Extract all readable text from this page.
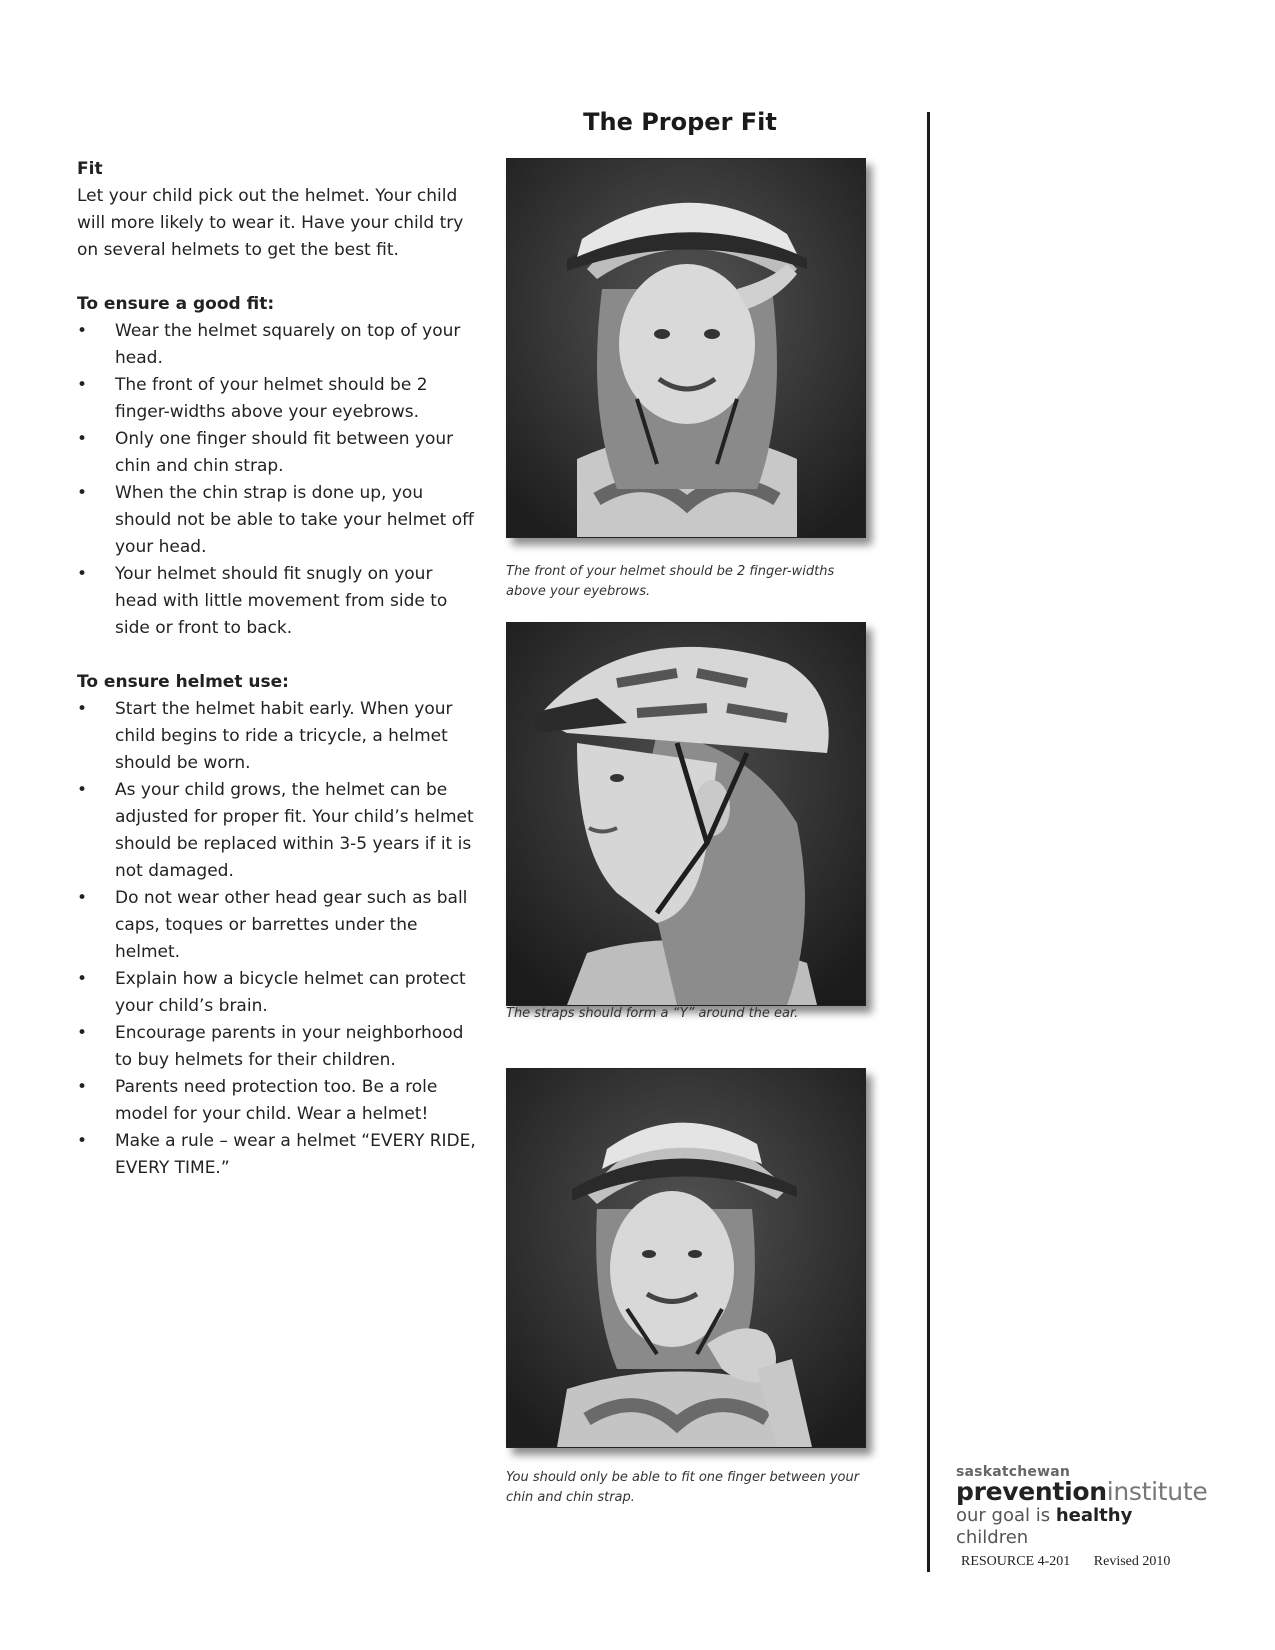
The Proper Fit
Fit

Let your child pick out the helmet. Your child will more likely to wear it. Have your child try on several helmets to get the best fit.

To ensure a good fit:
• Wear the helmet squarely on top of your head.
• The front of your helmet should be 2 finger-widths above your eyebrows.
• Only one finger should fit between your chin and chin strap.
• When the chin strap is done up, you should not be able to take your helmet off your head.
• Your helmet should fit snugly on your head with little movement from side to side or front to back.
To ensure helmet use:
• Start the helmet habit early. When your child begins to ride a tricycle, a helmet should be worn.
• As your child grows, the helmet can be adjusted for proper fit. Your child’s helmet should be replaced within 3-5 years if it is not damaged.
• Do not wear other head gear such as ball caps, toques or barrettes under the helmet.
• Explain how a bicycle helmet can protect your child’s brain.
• Encourage parents in your neighborhood to buy helmets for their children.
• Parents need protection too. Be a role model for your child. Wear a helmet!
• Make a rule – wear a helmet “EVERY RIDE, EVERY TIME.”
The front of your helmet should be 2 finger-widths above your eyebrows.
The straps should form a “Y” around the ear.
You should only be able to fit one finger between your chin and chin strap.
saskatchewan
preventioninstitute
our goal is healthy children
RESOURCE 4-201 Revised 2010
